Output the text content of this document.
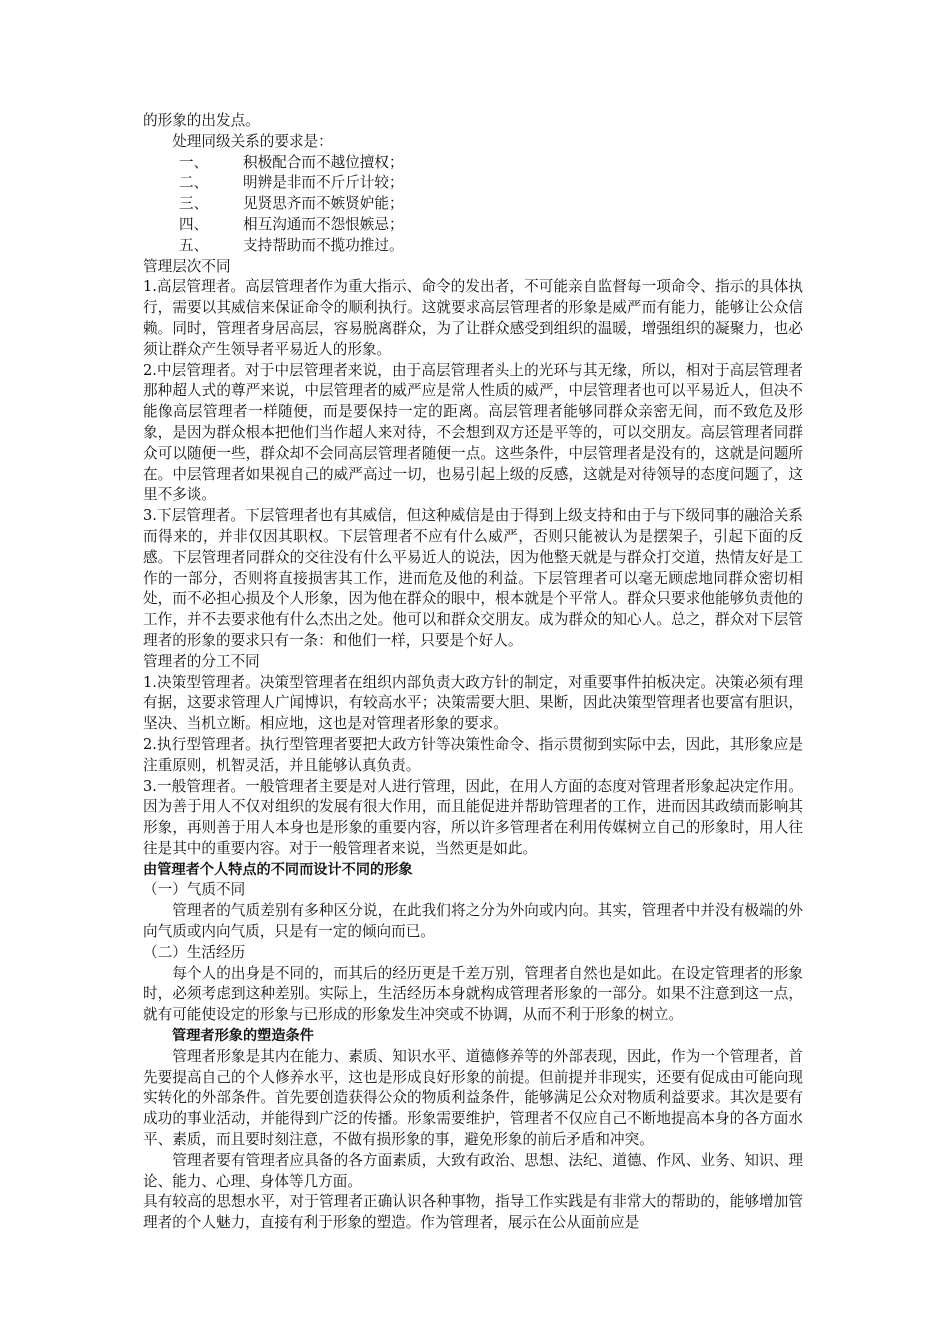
的形象的出发点。

处理同级关系的要求是：

一、 积极配合而不越位擅权；
二、 明辨是非而不斤斤计较；
三、 见贤思齐而不嫉贤妒能；
四、 相互沟通而不怨恨嫉忌；
五、 支持帮助而不揽功推过。

管理层次不同

1.高层管理者。高层管理者作为重大指示、命令的发出者，不可能亲自监督每一项命令、指示的具体执行，需要以其威信来保证命令的顺利执行。这就要求高层管理者的形象是威严而有能力，能够让公众信赖。同时，管理者身居高层，容易脱离群众，为了让群众感受到组织的温暖，增强组织的凝聚力，也必须让群众产生领导者平易近人的形象。

2.中层管理者。对于中层管理者来说，由于高层管理者头上的光环与其无缘，所以，相对于高层管理者那种超人式的尊严来说，中层管理者的威严应是常人性质的威严，中层管理者也可以平易近人，但决不能像高层管理者一样随便，而是要保持一定的距离。高层管理者能够同群众亲密无间，而不致危及形象，是因为群众根本把他们当作超人来对待，不会想到双方还是平等的，可以交朋友。高层管理者同群众可以随便一些，群众却不会同高层管理者随便一点。这些条件，中层管理者是没有的，这就是问题所在。中层管理者如果视自己的威严高过一切，也易引起上级的反感，这就是对待领导的态度问题了，这里不多谈。

3.下层管理者。下层管理者也有其威信，但这种威信是由于得到上级支持和由于与下级同事的融洽关系而得来的，并非仅因其职权。下层管理者不应有什么威严，否则只能被认为是摆架子，引起下面的反感。下层管理者同群众的交往没有什么平易近人的说法，因为他整天就是与群众打交道，热情友好是工作的一部分，否则将直接损害其工作，进而危及他的利益。下层管理者可以毫无顾虑地同群众密切相处，而不必担心损及个人形象，因为他在群众的眼中，根本就是个平常人。群众只要求他能够负责他的工作，并不去要求他有什么杰出之处。他可以和群众交朋友。成为群众的知心人。总之，群众对下层管理者的形象的要求只有一条：和他们一样，只要是个好人。

管理者的分工不同

1.决策型管理者。决策型管理者在组织内部负责大政方针的制定，对重要事件拍板决定。决策必须有理有据，这要求管理人广闻博识，有较高水平；决策需要大胆、果断，因此决策型管理者也要富有胆识，坚决、当机立断。相应地，这也是对管理者形象的要求。

2.执行型管理者。执行型管理者要把大政方针等决策性命令、指示贯彻到实际中去，因此，其形象应是注重原则，机智灵活，并且能够认真负责。

3.一般管理者。一般管理者主要是对人进行管理，因此，在用人方面的态度对管理者形象起决定作用。因为善于用人不仅对组织的发展有很大作用，而且能促进并帮助管理者的工作，进而因其政绩而影响其形象，再则善于用人本身也是形象的重要内容，所以许多管理者在利用传媒树立自己的形象时，用人往往是其中的重要内容。对于一般管理者来说，当然更是如此。

由管理者个人特点的不同而设计不同的形象

（一）气质不同

管理者的气质差别有多种区分说，在此我们将之分为外向或内向。其实，管理者中并没有极端的外向气质或内向气质，只是有一定的倾向而已。

（二）生活经历

每个人的出身是不同的，而其后的经历更是千差万别，管理者自然也是如此。在设定管理者的形象时，必须考虑到这种差别。实际上，生活经历本身就构成管理者形象的一部分。如果不注意到这一点，就有可能使设定的形象与已形成的形象发生冲突或不协调，从而不利于形象的树立。

管理者形象的塑造条件

管理者形象是其内在能力、素质、知识水平、道德修养等的外部表现，因此，作为一个管理者，首先要提高自己的个人修养水平，这也是形成良好形象的前提。但前提并非现实，还要有促成由可能向现实转化的外部条件。首先要创造获得公众的物质利益条件，能够满足公众对物质利益要求。其次是要有成功的事业活动，并能得到广泛的传播。形象需要维护，管理者不仅应自己不断地提高本身的各方面水平、素质，而且要时刻注意，不做有损形象的事，避免形象的前后矛盾和冲突。

管理者要有管理者应具备的各方面素质，大致有政治、思想、法纪、道德、作风、业务、知识、理论、能力、心理、身体等几方面。

具有较高的思想水平，对于管理者正确认识各种事物，指导工作实践是有非常大的帮助的，能够增加管理者的个人魅力，直接有利于形象的塑造。作为管理者，展示在公从面前应是
